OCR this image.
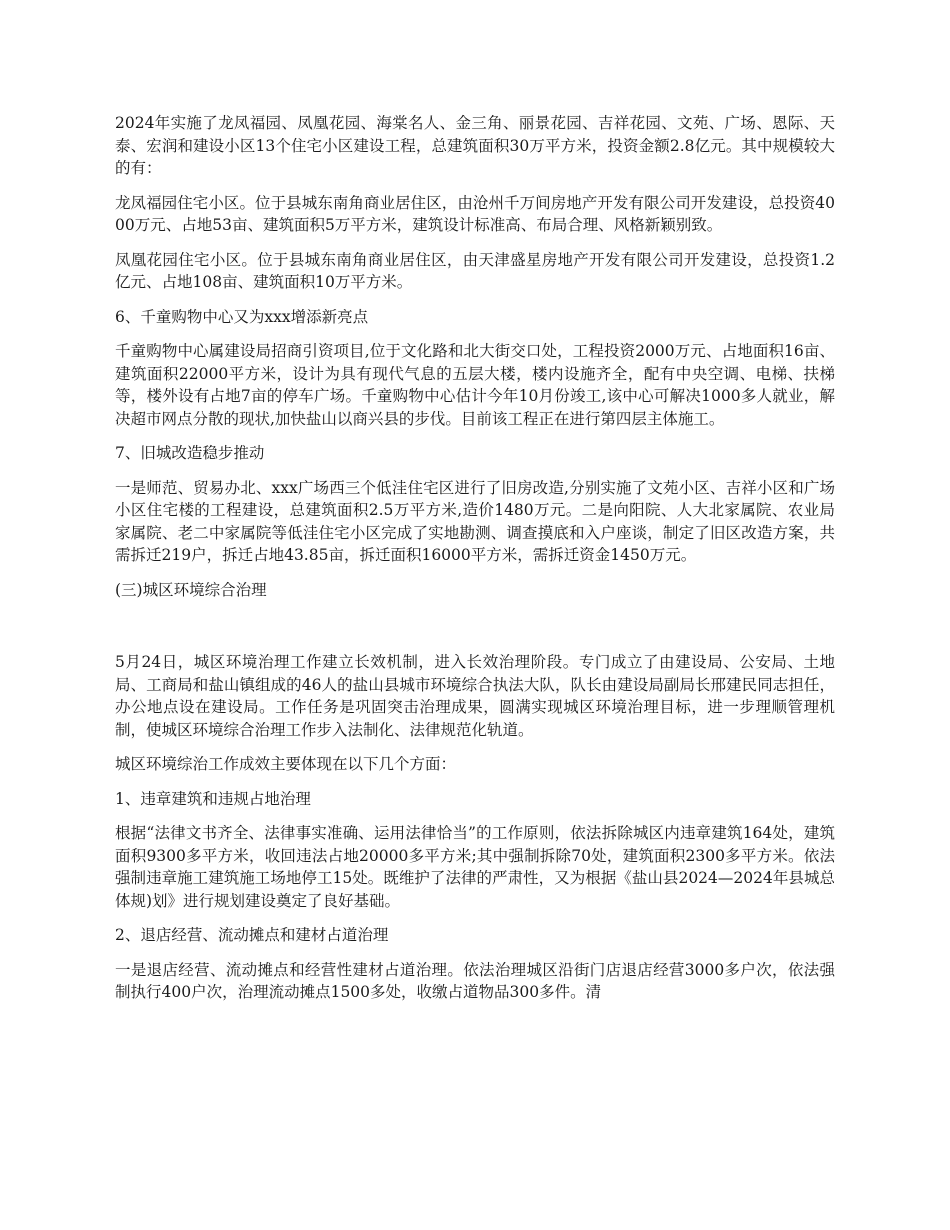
2024年实施了龙凤福园、凤凰花园、海棠名人、金三角、丽景花园、吉祥花园、文苑、广场、恩际、天泰、宏润和建设小区13个住宅小区建设工程，总建筑面积30万平方米，投资金额2.8亿元。其中规模较大的有：

龙凤福园住宅小区。位于县城东南角商业居住区，由沧州千万间房地产开发有限公司开发建设，总投资4000万元、占地53亩、建筑面积5万平方米，建筑设计标准高、布局合理、风格新颖别致。

凤凰花园住宅小区。位于县城东南角商业居住区，由天津盛星房地产开发有限公司开发建设，总投资1.2亿元、占地108亩、建筑面积10万平方米。

6、千童购物中心又为xxx增添新亮点

千童购物中心属建设局招商引资项目,位于文化路和北大街交口处，工程投资2000万元、占地面积16亩、建筑面积22000平方米，设计为具有现代气息的五层大楼，楼内设施齐全，配有中央空调、电梯、扶梯等，楼外设有占地7亩的停车广场。千童购物中心估计今年10月份竣工,该中心可解决1000多人就业，解决超市网点分散的现状,加快盐山以商兴县的步伐。目前该工程正在进行第四层主体施工。

7、旧城改造稳步推动

一是师范、贸易办北、xxx广场西三个低洼住宅区进行了旧房改造,分别实施了文苑小区、吉祥小区和广场小区住宅楼的工程建设，总建筑面积2.5万平方米,造价1480万元。二是向阳院、人大北家属院、农业局家属院、老二中家属院等低洼住宅小区完成了实地勘测、调查摸底和入户座谈，制定了旧区改造方案，共需拆迁219户，拆迁占地43.85亩，拆迁面积16000平方米，需拆迁资金1450万元。

(三)城区环境综合治理

5月24日，城区环境治理工作建立长效机制，进入长效治理阶段。专门成立了由建设局、公安局、土地局、工商局和盐山镇组成的46人的盐山县城市环境综合执法大队，队长由建设局副局长邢建民同志担任，办公地点设在建设局。工作任务是巩固突击治理成果，圆满实现城区环境治理目标，进一步理顺管理机制，使城区环境综合治理工作步入法制化、法律规范化轨道。

城区环境综治工作成效主要体现在以下几个方面：

1、违章建筑和违规占地治理

根据“法律文书齐全、法律事实准确、运用法律恰当”的工作原则，依法拆除城区内违章建筑164处，建筑面积9300多平方米，收回违法占地20000多平方米;其中强制拆除70处，建筑面积2300多平方米。依法强制违章施工建筑施工场地停工15处。既维护了法律的严肃性，又为根据《盐山县2024—2024年县城总体规)划》进行规划建设奠定了良好基础。

2、退店经营、流动摊点和建材占道治理

一是退店经营、流动摊点和经营性建材占道治理。依法治理城区沿街门店退店经营3000多户次，依法强制执行400户次，治理流动摊点1500多处，收缴占道物品300多件。清
